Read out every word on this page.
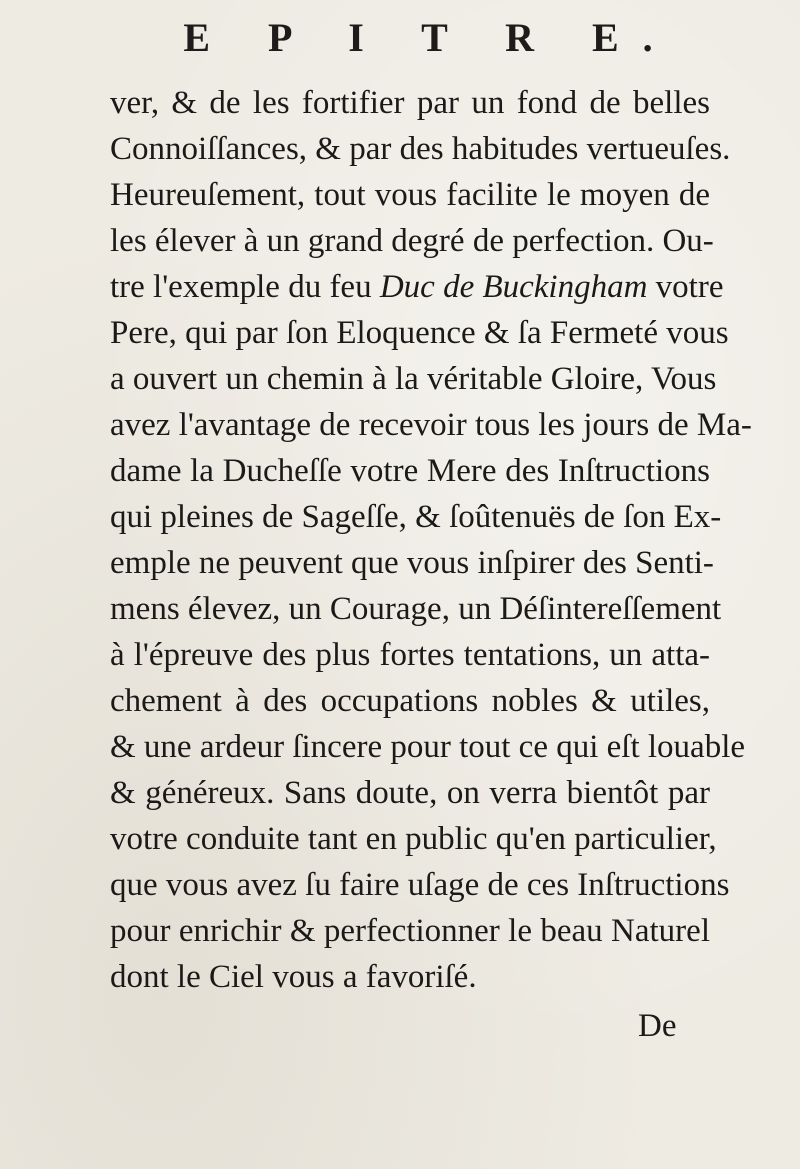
E P I T R E.
ver, & de les fortifier par un fond de belles
Connoiſſances, & par des habitudes vertueuſes.
Heureuſement, tout vous facilite le moyen de
les élever à un grand degré de perfection. Ou-
tre l'exemple du feu Duc de Buckingham votre
Pere, qui par ſon Eloquence & ſa Fermeté vous
a ouvert un chemin à la véritable Gloire, Vous
avez l'avantage de recevoir tous les jours de Ma-
dame la Ducheſſe votre Mere des Inſtructions
qui pleines de Sageſſe, & ſoûtenuës de ſon Ex-
emple ne peuvent que vous inſpirer des Senti-
mens élevez, un Courage, un Déſintereſſement
à l'épreuve des plus fortes tentations, un atta-
chement à des occupations nobles & utiles,
& une ardeur ſincere pour tout ce qui eſt louable
& généreux. Sans doute, on verra bientôt par
votre conduite tant en public qu'en particulier,
que vous avez ſu faire uſage de ces Inſtructions
pour enrichir & perfectionner le beau Naturel
dont le Ciel vous a favoriſé.
De
